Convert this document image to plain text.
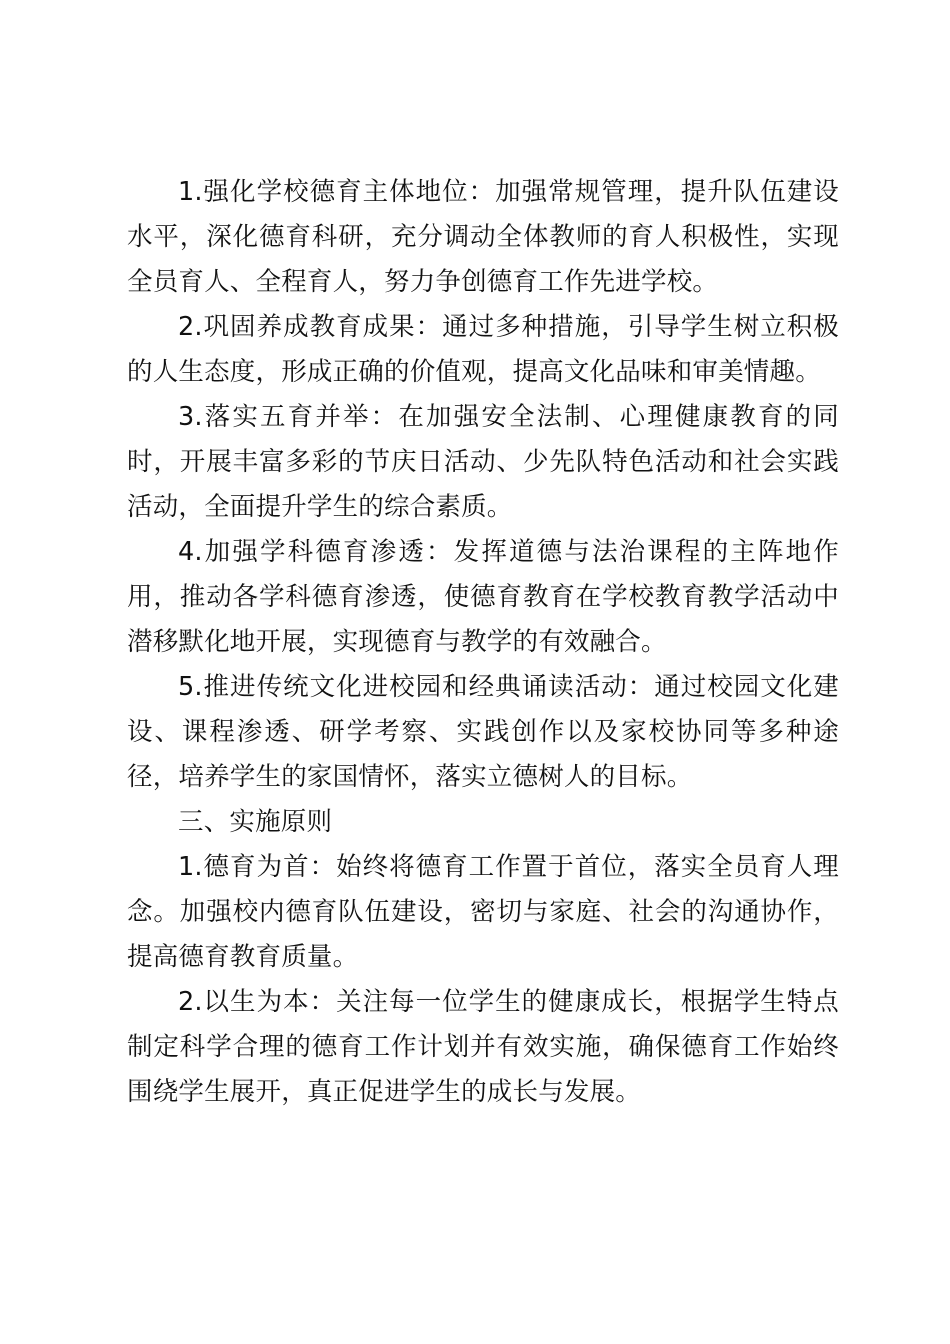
1.强化学校德育主体地位：加强常规管理，提升队伍建设水平，深化德育科研，充分调动全体教师的育人积极性，实现全员育人、全程育人，努力争创德育工作先进学校。

2.巩固养成教育成果：通过多种措施，引导学生树立积极的人生态度，形成正确的价值观，提高文化品味和审美情趣。

3.落实五育并举：在加强安全法制、心理健康教育的同时，开展丰富多彩的节庆日活动、少先队特色活动和社会实践活动，全面提升学生的综合素质。

4.加强学科德育渗透：发挥道德与法治课程的主阵地作用，推动各学科德育渗透，使德育教育在学校教育教学活动中潜移默化地开展，实现德育与教学的有效融合。

5.推进传统文化进校园和经典诵读活动：通过校园文化建设、课程渗透、研学考察、实践创作以及家校协同等多种途径，培养学生的家国情怀，落实立德树人的目标。

三、实施原则

1.德育为首：始终将德育工作置于首位，落实全员育人理念。加强校内德育队伍建设，密切与家庭、社会的沟通协作，提高德育教育质量。

2.以生为本：关注每一位学生的健康成长，根据学生特点制定科学合理的德育工作计划并有效实施，确保德育工作始终围绕学生展开，真正促进学生的成长与发展。
